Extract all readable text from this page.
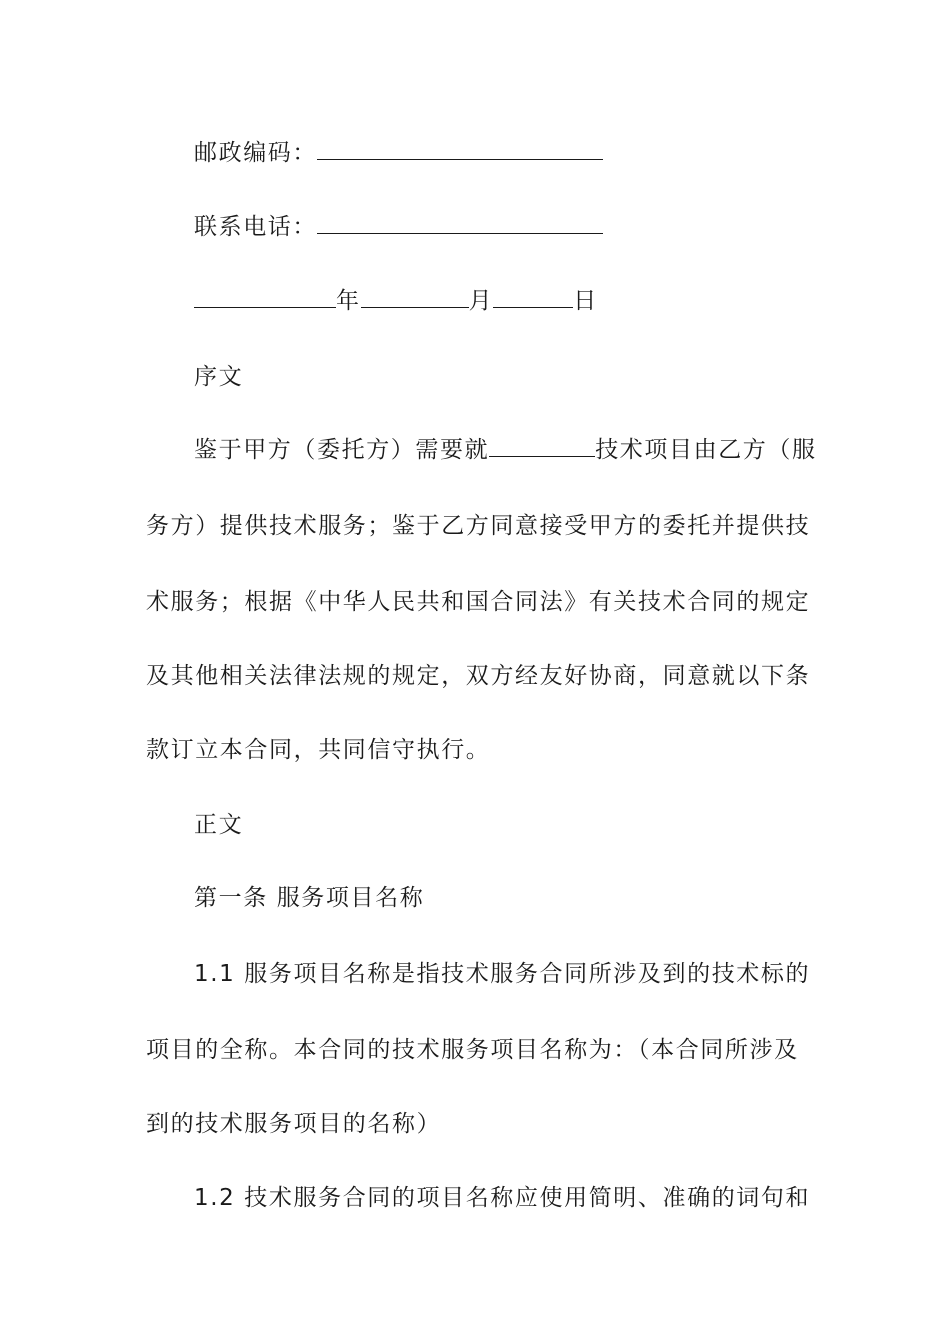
邮政编码：
联系电话：
年	月	日
序文
鉴于甲方（委托方）需要就	技术项目由乙方（服
务方）提供技术服务；鉴于乙方同意接受甲方的委托并提供技
术服务；根据《中华人民共和国合同法》有关技术合同的规定
及其他相关法律法规的规定，双方经友好协商，同意就以下条
款订立本合同，共同信守执行。
正文
第一条 服务项目名称
1.1 服务项目名称是指技术服务合同所涉及到的技术标的
项目的全称。本合同的技术服务项目名称为：（本合同所涉及
到的技术服务项目的名称）
1.2 技术服务合同的项目名称应使用简明、准确的词句和
